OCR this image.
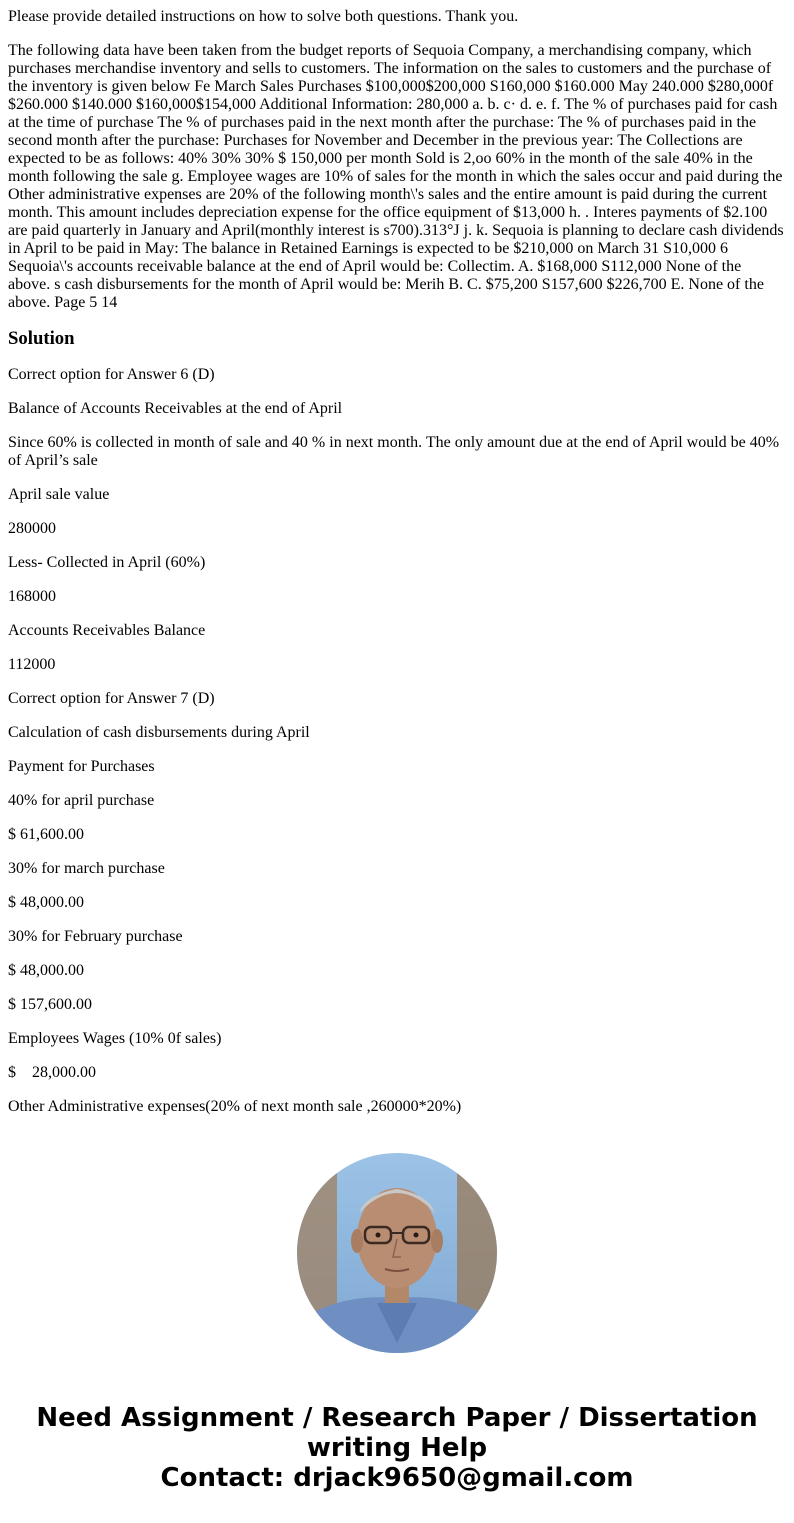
Please provide detailed instructions on how to solve both questions. Thank you.

The following data have been taken from the budget reports of Sequoia Company, a merchandising company, which purchases merchandise inventory and sells to customers. The information on the sales to customers and the purchase of the inventory is given below Fe March Sales Purchases $100,000$200,000 S160,000 $160.000 May 240.000 $280,000f $260.000 $140.000 $160,000$154,000 Additional Information: 280,000 a. b. c· d. e. f. The % of purchases paid for cash at the time of purchase The % of purchases paid in the next month after the purchase: The % of purchases paid in the second month after the purchase: Purchases for November and December in the previous year: The Collections are expected to be as follows: 40% 30% 30% $ 150,000 per month Sold is 2,oo 60% in the month of the sale 40% in the month following the sale g. Employee wages are 10% of sales for the month in which the sales occur and paid during the Other administrative expenses are 20% of the following month\'s sales and the entire amount is paid during the current month. This amount includes depreciation expense for the office equipment of $13,000 h. . Interes payments of $2.100 are paid quarterly in January and April(monthly interest is s700).313°J j. k. Sequoia is planning to declare cash dividends in April to be paid in May: The balance in Retained Earnings is expected to be $210,000 on March 31 S10,000 6 Sequoia\'s accounts receivable balance at the end of April would be: Collectim. A. $168,000 S112,000 None of the above. s cash disbursements for the month of April would be: Merih B. C. $75,200 S157,600 $226,700 E. None of the above. Page 5 14

Solution

Correct option for Answer 6 (D)

Balance of Accounts Receivables at the end of April

Since 60% is collected in month of sale and 40 % in next month. The only amount due at the end of April would be 40% of April’s sale

April sale value

280000

Less- Collected in April (60%)

168000

Accounts Receivables Balance

112000

Correct option for Answer 7 (D)

Calculation of cash disbursements during April

Payment for Purchases

40% for april purchase

$ 61,600.00

30% for march purchase

$ 48,000.00

30% for February purchase

$ 48,000.00

$ 157,600.00

Employees Wages (10% 0f sales)

$    28,000.00

Other Administrative expenses(20% of next month sale ,260000*20%)

Need Assignment / Research Paper / Dissertation
writing Help
Contact: drjack9650@gmail.com
